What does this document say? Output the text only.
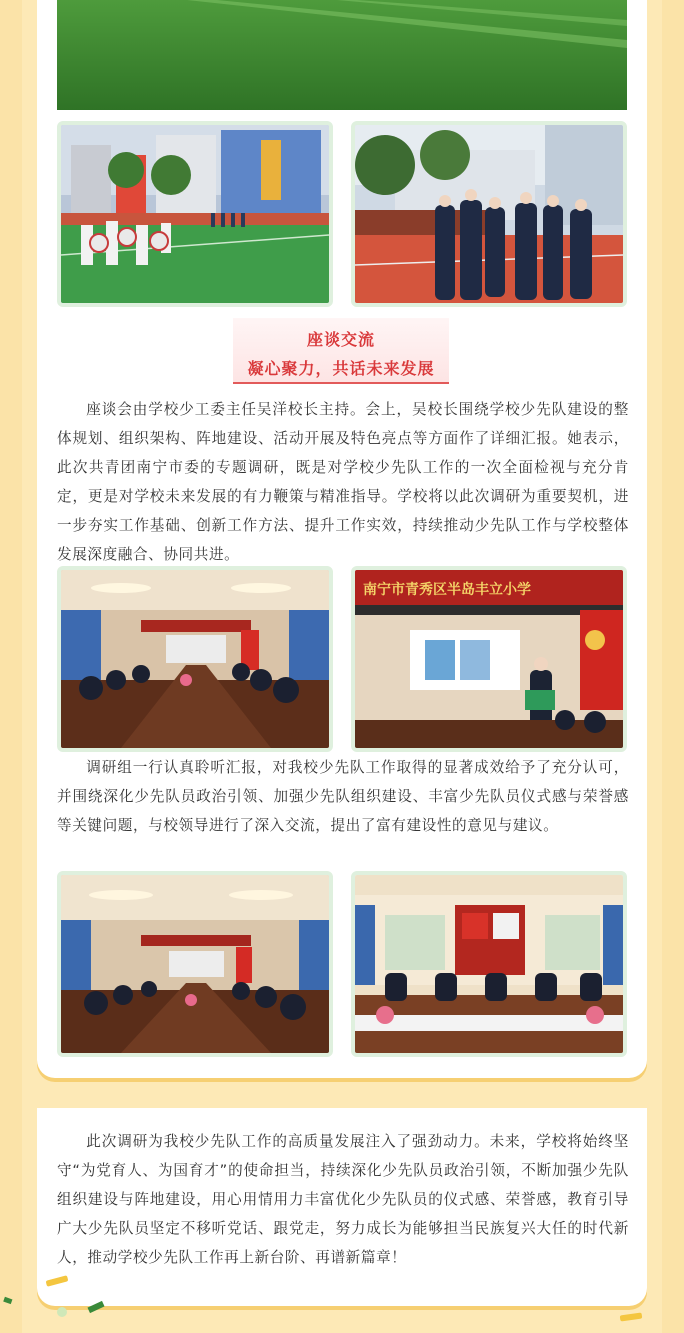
座谈交流
凝心聚力，共话未来发展

座谈会由学校少工委主任吴洋校长主持。会上，吴校长围绕学校少先队建设的整体规划、组织架构、阵地建设、活动开展及特色亮点等方面作了详细汇报。她表示，此次共青团南宁市委的专题调研，既是对学校少先队工作的一次全面检视与充分肯定，更是对学校未来发展的有力鞭策与精准指导。学校将以此次调研为重要契机，进一步夯实工作基础、创新工作方法、提升工作实效，持续推动少先队工作与学校整体发展深度融合、协同共进。

南宁市青秀区半岛丰立小学

调研组一行认真聆听汇报，对我校少先队工作取得的显著成效给予了充分认可，并围绕深化少先队员政治引领、加强少先队组织建设、丰富少先队员仪式感与荣誉感等关键问题，与校领导进行了深入交流，提出了富有建设性的意见与建议。

此次调研为我校少先队工作的高质量发展注入了强劲动力。未来，学校将始终坚守“为党育人、为国育才”的使命担当，持续深化少先队员政治引领，不断加强少先队组织建设与阵地建设，用心用情用力丰富优化少先队员的仪式感、荣誉感，教育引导广大少先队员坚定不移听党话、跟党走，努力成长为能够担当民族复兴大任的时代新人，推动学校少先队工作再上新台阶、再谱新篇章！
